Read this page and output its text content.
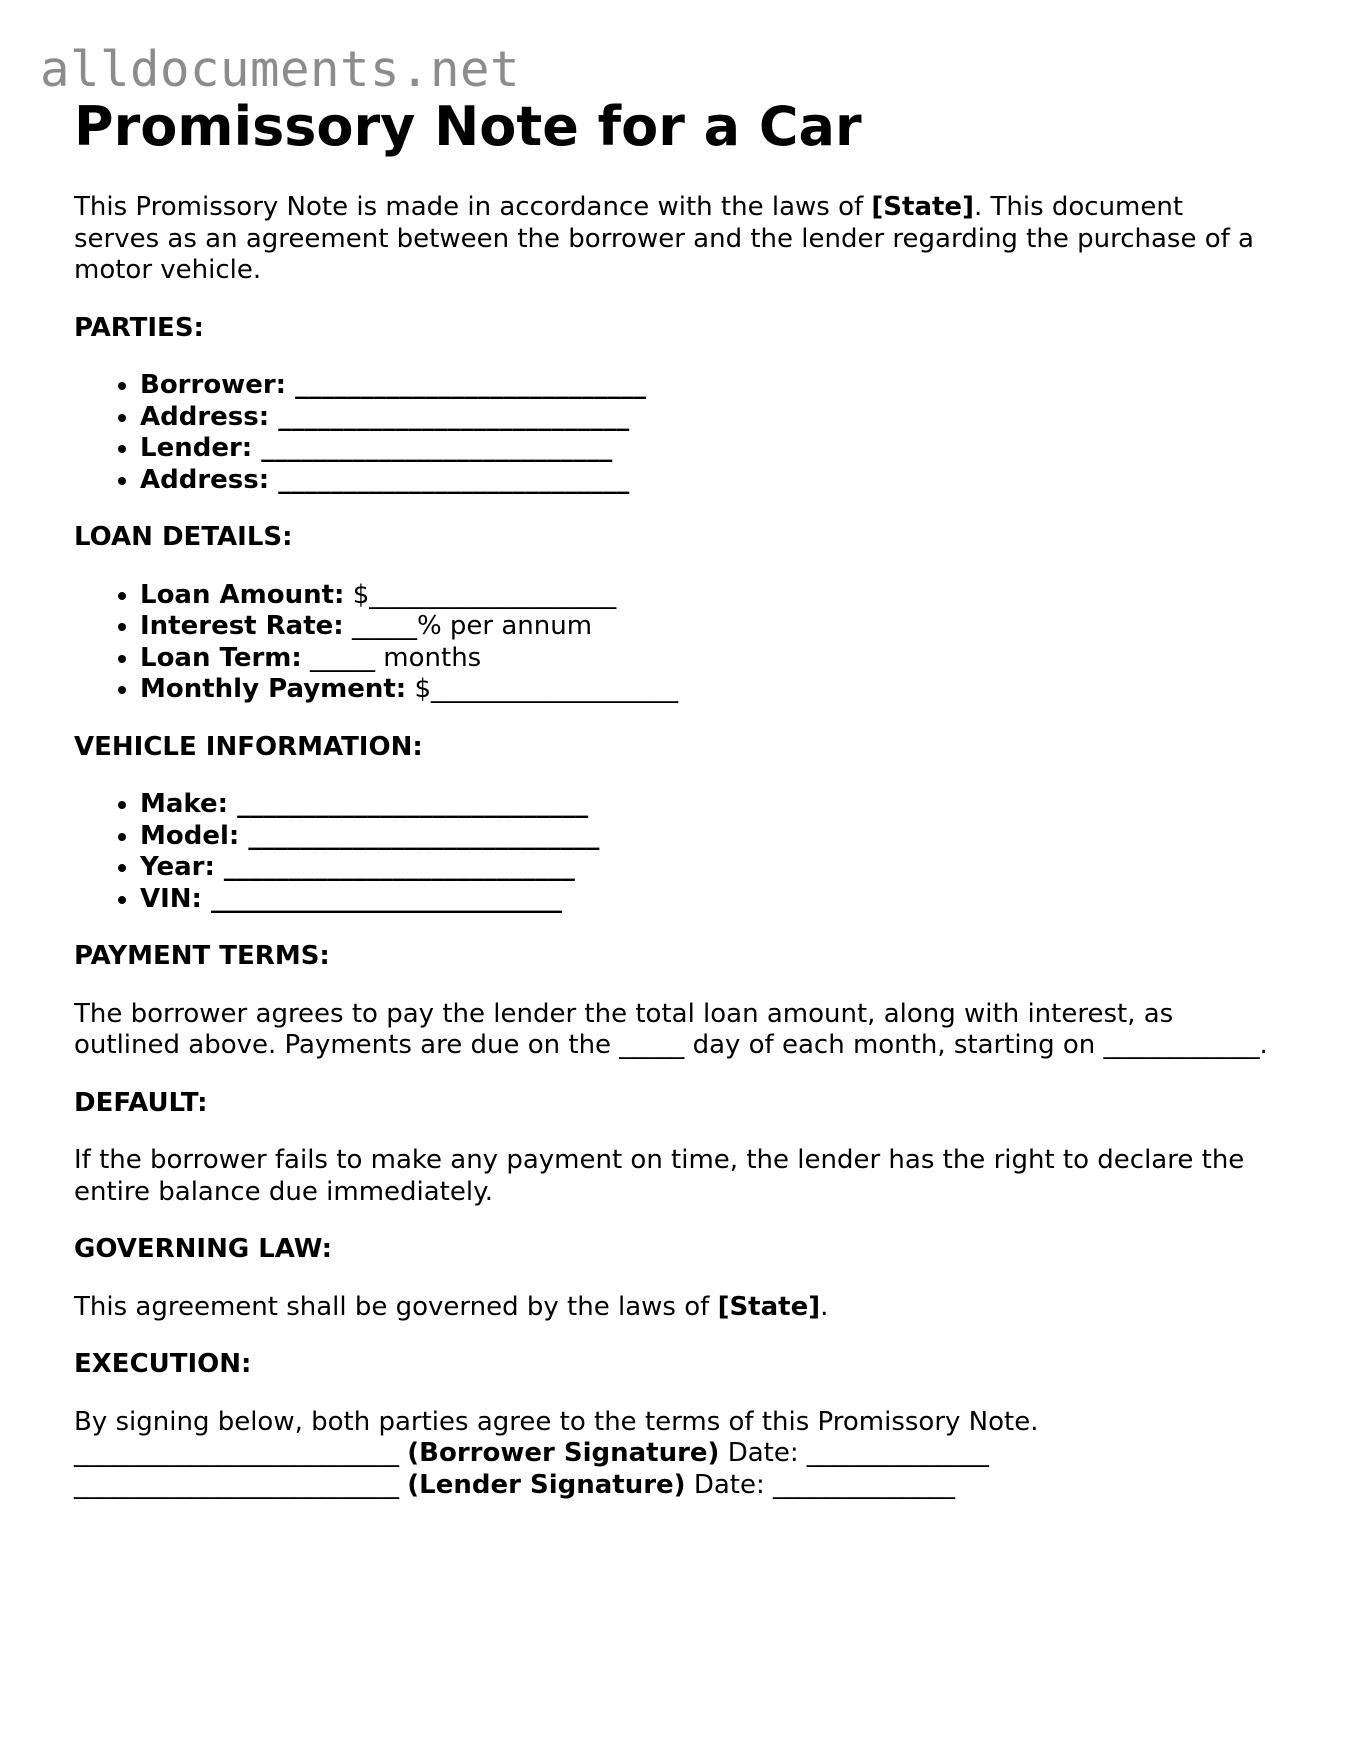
alldocuments.net
Promissory Note for a Car

This Promissory Note is made in accordance with the laws of [State]. This document serves as an agreement between the borrower and the lender regarding the purchase of a motor vehicle.

PARTIES:
• Borrower: ___________________________
• Address: ___________________________
• Lender: ___________________________
• Address: ___________________________
LOAN DETAILS:
• Loan Amount: $___________________
• Interest Rate: _____% per annum
• Loan Term: _____ months
• Monthly Payment: $___________________
VEHICLE INFORMATION:
• Make: ___________________________
• Model: ___________________________
• Year: ___________________________
• VIN: ___________________________
PAYMENT TERMS:

The borrower agrees to pay the lender the total loan amount, along with interest, as outlined above. Payments are due on the _____ day of each month, starting on ____________.

DEFAULT:

If the borrower fails to make any payment on time, the lender has the right to declare the entire balance due immediately.

GOVERNING LAW:

This agreement shall be governed by the laws of [State].

EXECUTION:

By signing below, both parties agree to the terms of this Promissory Note.

_________________________ (Borrower Signature) Date: ______________

_________________________ (Lender Signature) Date: ______________
